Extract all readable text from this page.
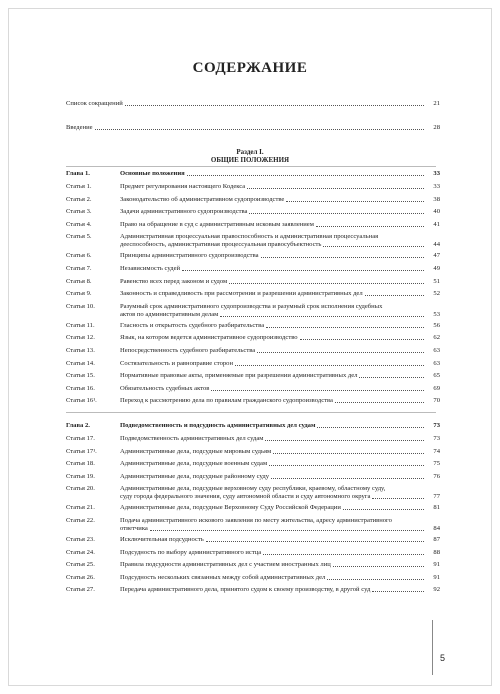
СОДЕРЖАНИЕ
Список сокращений	21
Введение	28
Раздел I.
ОБЩИЕ ПОЛОЖЕНИЯ
Глава 1.	Основные положения	33
Статья 1.	Предмет регулирования настоящего Кодекса	33
Статья 2.	Законодательство об административном судопроизводстве	38
Статья 3.	Задачи административного судопроизводства	40
Статья 4.	Право на обращение в суд с административным исковым заявлением	41
Статья 5.	Административная процессуальная правоспособность и административная процессуальная
дееспособность, административная процессуальная правосубъектность	44
Статья 6.	Принципы административного судопроизводства	47
Статья 7.	Независимость судей	49
Статья 8.	Равенство всех перед законом и судом	51
Статья 9.	Законность и справедливость при рассмотрении и разрешении административных дел	52
Статья 10.	Разумный срок административного судопроизводства и разумный срок исполнения судебных
актов по административным делам	53
Статья 11.	Гласность и открытость судебного разбирательства	56
Статья 12.	Язык, на котором ведется административное судопроизводство	62
Статья 13.	Непосредственность судебного разбирательства	63
Статья 14.	Состязательность и равноправие сторон	63
Статья 15.	Нормативные правовые акты, применяемые при разрешении административных дел	65
Статья 16.	Обязательность судебных актов	69
Статья 16¹.	Переход к рассмотрению дела по правилам гражданского судопроизводства	70
Глава 2.	Подведомственность и подсудность административных дел судам	73
Статья 17.	Подведомственность административных дел судам	73
Статья 17¹.	Административные дела, подсудные мировым судьям	74
Статья 18.	Административные дела, подсудные военным судам	75
Статья 19.	Административные дела, подсудные районному суду	76
Статья 20.	Административные дела, подсудные верховному суду республики, краевому, областному суду,
суду города федерального значения, суду автономной области и суду автономного округа	77
Статья 21.	Административные дела, подсудные Верховному Суду Российской Федерации	81
Статья 22.	Подача административного искового заявления по месту жительства, адресу административного
ответчика	84
Статья 23.	Исключительная подсудность	87
Статья 24.	Подсудность по выбору административного истца	88
Статья 25.	Правила подсудности административных дел с участием иностранных лиц	91
Статья 26.	Подсудность нескольких связанных между собой административных дел	91
Статья 27.	Передача административного дела, принятого судом к своему производству, в другой суд	92
5
